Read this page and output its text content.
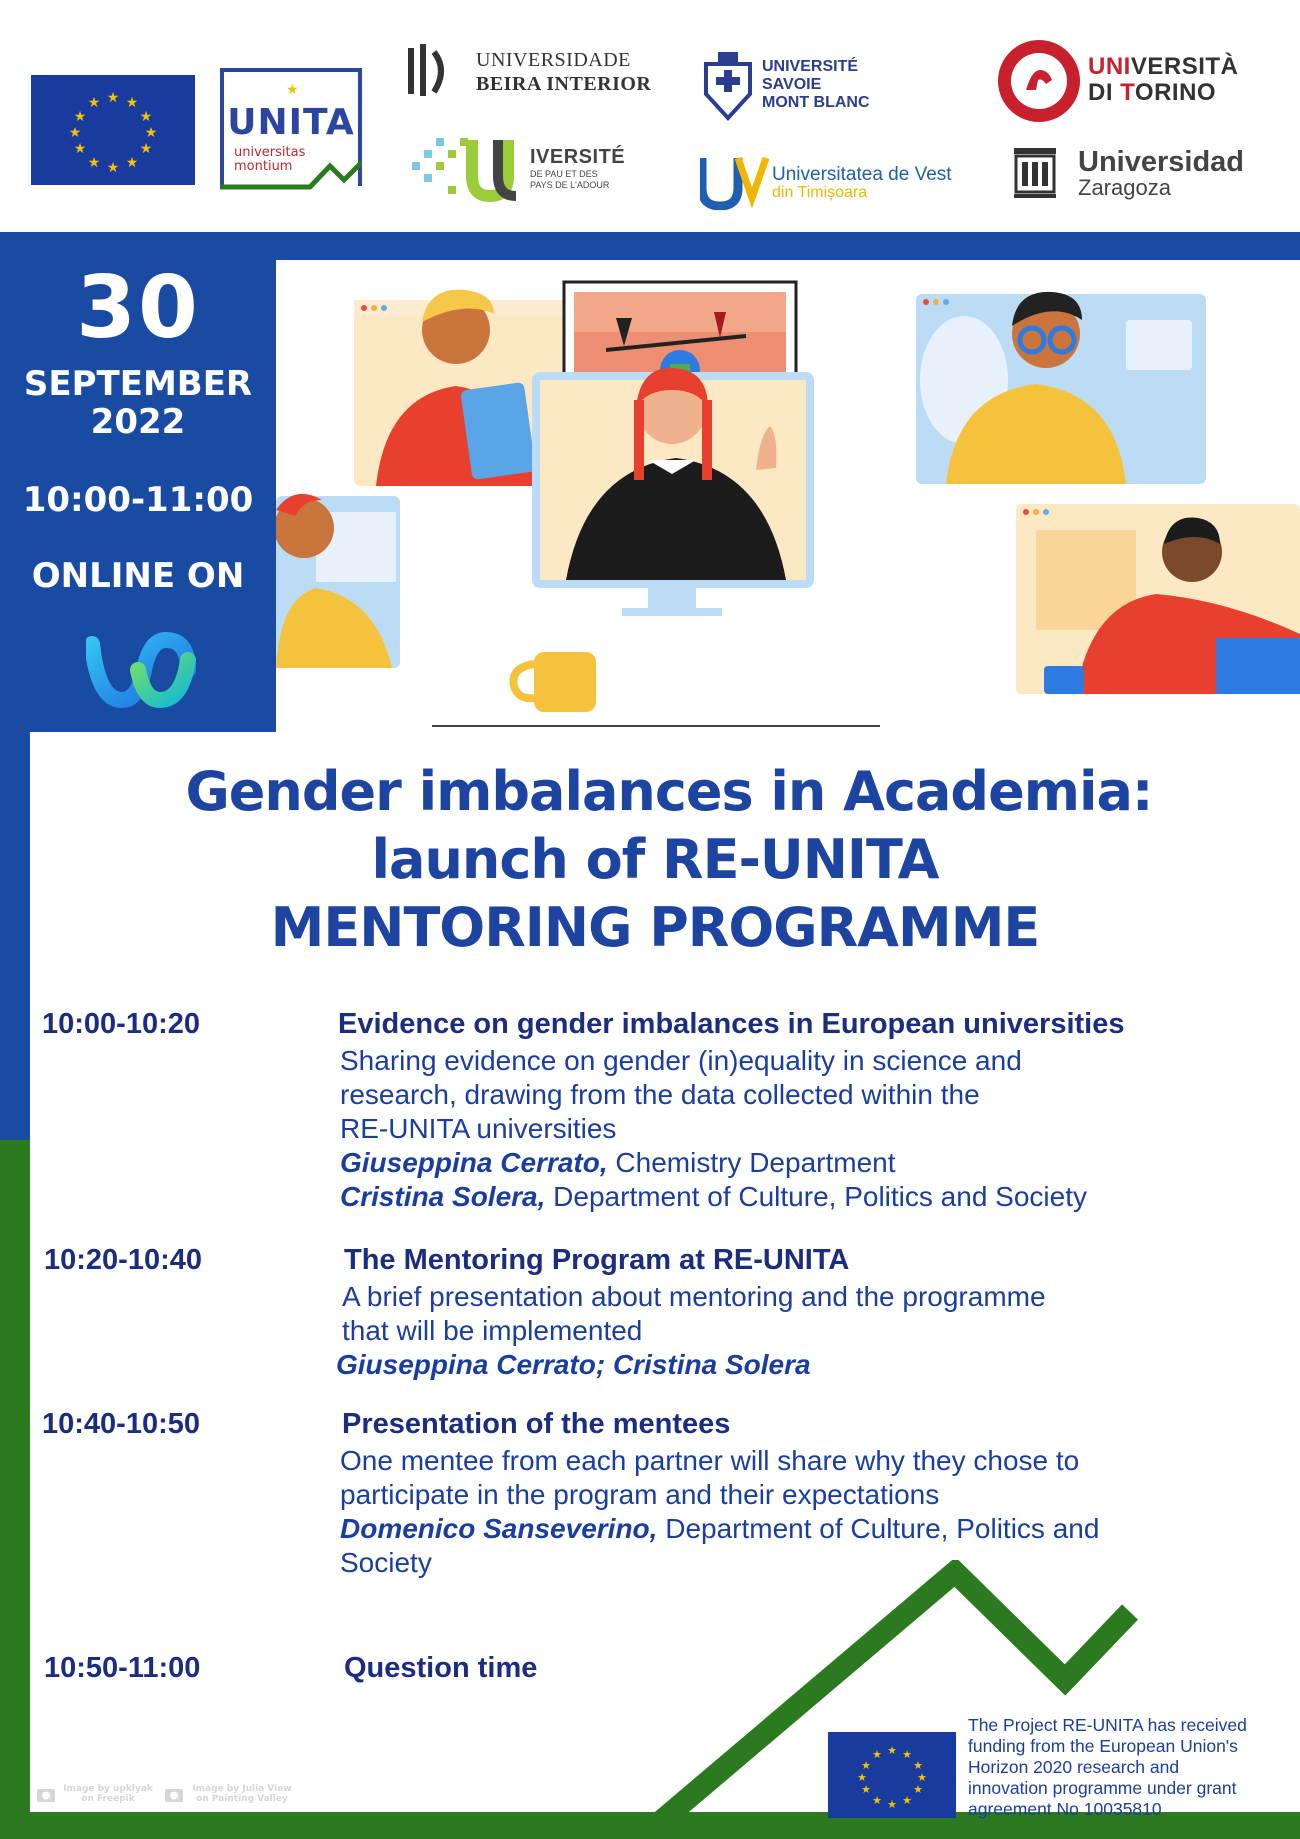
★ ★
★
★
★
★
★
★
★
★
★
★
★
UNITA
universitas
montium
UNIVERSIDADE
BEIRA INTERIOR
IVERSITÉ
DE PAU ET DES
PAYS DE L'ADOUR
UNIVERSITÉ
SAVOIE
MONT BLANC
Universitatea de Vest
din Timișoara
UNIVERSITÀ
DI TORINO
Universidad
Zaragoza
30
SEPTEMBER
2022
10:00-11:00
ONLINE ON
Gender imbalances in Academia:
launch of RE-UNITA
MENTORING PROGRAMME
10:00-10:20	Evidence on gender imbalances in European universities
Sharing evidence on gender (in)equality in science and
research, drawing from the data collected within the
RE-UNITA universities
Giuseppina Cerrato, Chemistry Department
Cristina Solera, Department of Culture, Politics and Society
10:20-10:40	The Mentoring Program at RE-UNITA
A brief presentation about mentoring and the programme
that will be implemented
Giuseppina Cerrato; Cristina Solera
10:40-10:50	Presentation of the mentees
One mentee from each partner will share why they chose to
participate in the program and their expectations
Domenico Sanseverino, Department of Culture, Politics and
Society
10:50-11:00	Question time
Image by upklyak
on Freepik
Image by Julia View
on Painting Valley
★ ★
★
★
★
★
★
★
★
★
★
★
The Project RE-UNITA has received
funding from the European Union's
Horizon 2020 research and
innovation programme under grant
agreement No 10035810
